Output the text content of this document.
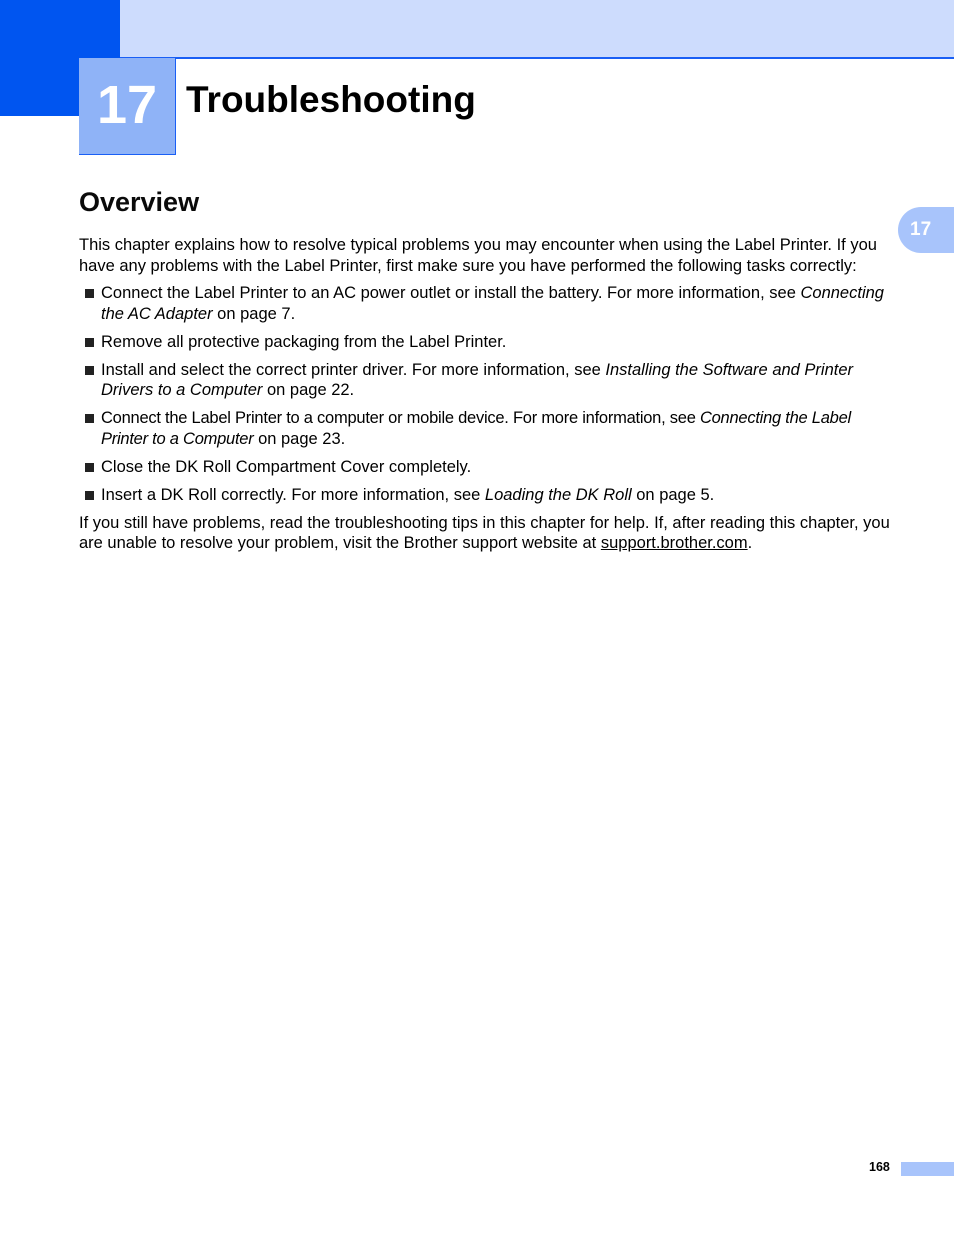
17 Troubleshooting
17
Overview

This chapter explains how to resolve typical problems you may encounter when using the Label Printer. If you have any problems with the Label Printer, first make sure you have performed the following tasks correctly:

Connect the Label Printer to an AC power outlet or install the battery. For more information, see Connecting the AC Adapter on page 7.
Remove all protective packaging from the Label Printer.
Install and select the correct printer driver. For more information, see Installing the Software and Printer Drivers to a Computer on page 22.
Connect the Label Printer to a computer or mobile device. For more information, see Connecting the Label Printer to a Computer on page 23.
Close the DK Roll Compartment Cover completely.
Insert a DK Roll correctly. For more information, see Loading the DK Roll on page 5.

If you still have problems, read the troubleshooting tips in this chapter for help. If, after reading this chapter, you are unable to resolve your problem, visit the Brother support website at support.brother.com.

168
